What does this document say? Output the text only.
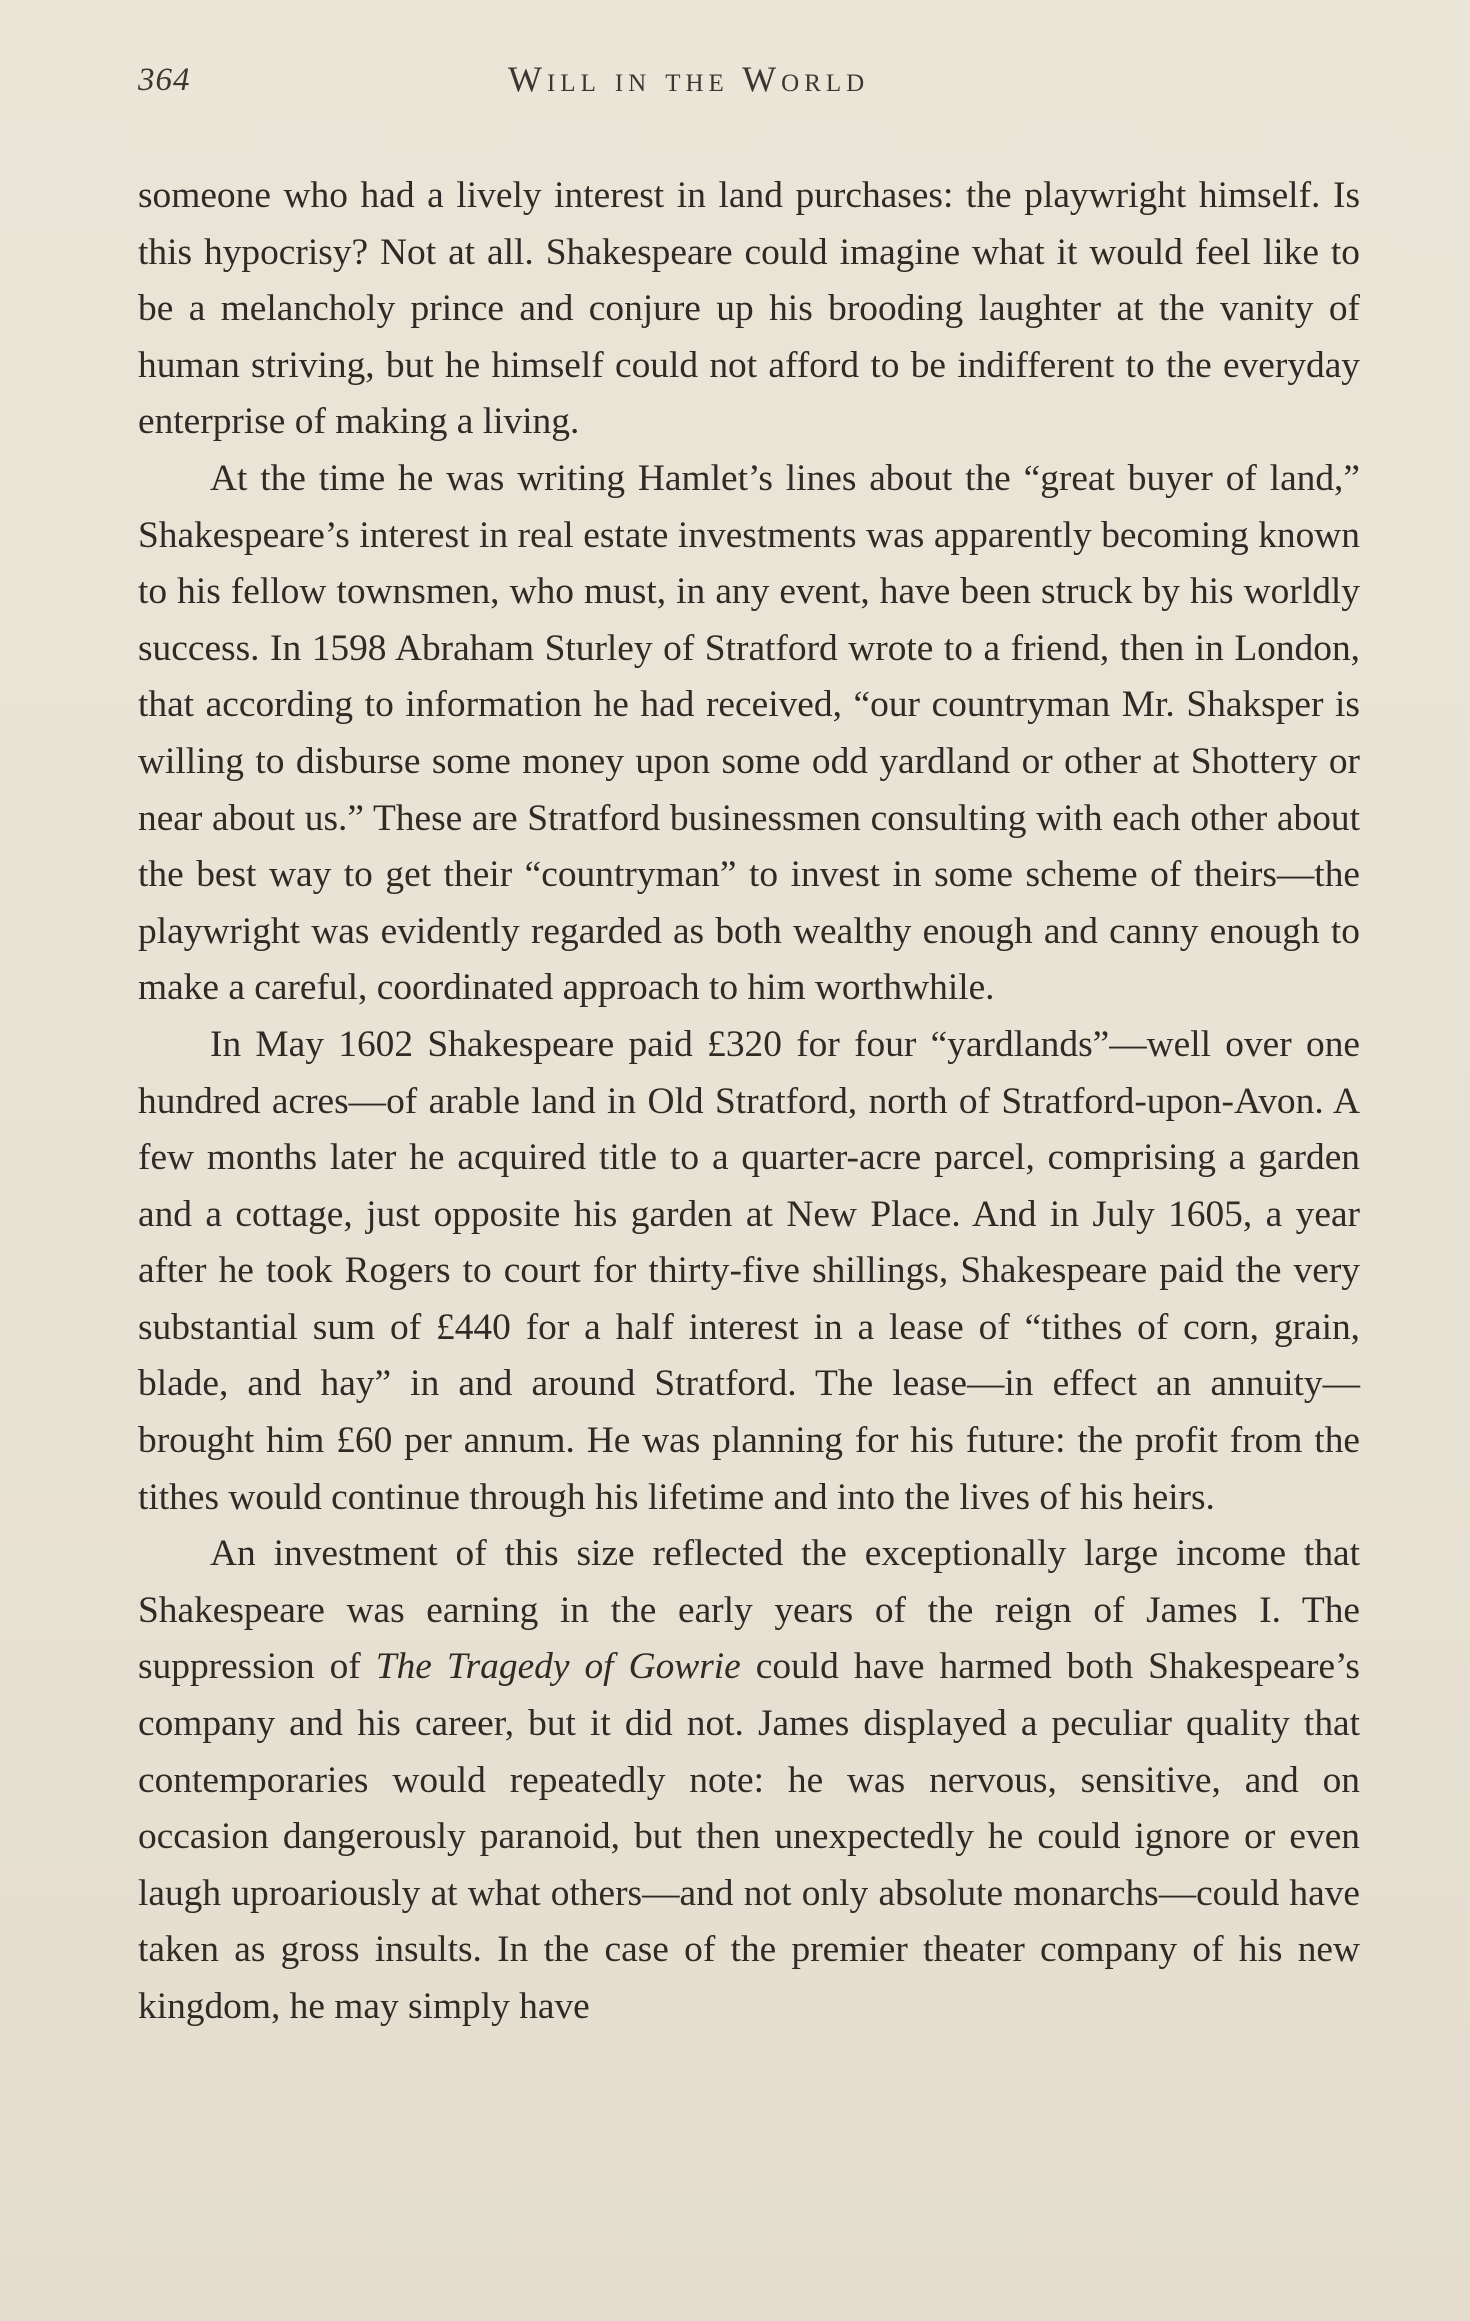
364	Will in the World

someone who had a lively interest in land purchases: the playwright himself. Is this hypocrisy? Not at all. Shakespeare could imagine what it would feel like to be a melancholy prince and conjure up his brooding laughter at the vanity of human striving, but he himself could not afford to be indifferent to the everyday enterprise of making a living.

At the time he was writing Hamlet’s lines about the “great buyer of land,” Shakespeare’s interest in real estate investments was apparently becoming known to his fellow townsmen, who must, in any event, have been struck by his worldly success. In 1598 Abraham Sturley of Stratford wrote to a friend, then in London, that according to information he had received, “our countryman Mr. Shaksper is willing to disburse some money upon some odd yardland or other at Shottery or near about us.” These are Stratford businessmen consulting with each other about the best way to get their “countryman” to invest in some scheme of theirs—the playwright was evidently regarded as both wealthy enough and canny enough to make a careful, coordinated approach to him worthwhile.

In May 1602 Shakespeare paid £320 for four “yardlands”—well over one hundred acres—of arable land in Old Stratford, north of Stratford-upon-Avon. A few months later he acquired title to a quarter-acre parcel, comprising a garden and a cottage, just opposite his garden at New Place. And in July 1605, a year after he took Rogers to court for thirty-five shillings, Shakespeare paid the very substantial sum of £440 for a half interest in a lease of “tithes of corn, grain, blade, and hay” in and around Stratford. The lease—in effect an annuity—brought him £60 per annum. He was planning for his future: the profit from the tithes would continue through his lifetime and into the lives of his heirs.

An investment of this size reflected the exceptionally large income that Shakespeare was earning in the early years of the reign of James I. The suppression of The Tragedy of Gowrie could have harmed both Shakespeare’s company and his career, but it did not. James displayed a peculiar quality that contemporaries would repeatedly note: he was nervous, sensitive, and on occasion dangerously paranoid, but then unexpectedly he could ignore or even laugh uproariously at what others—and not only absolute monarchs—could have taken as gross insults. In the case of the premier theater company of his new kingdom, he may simply have
